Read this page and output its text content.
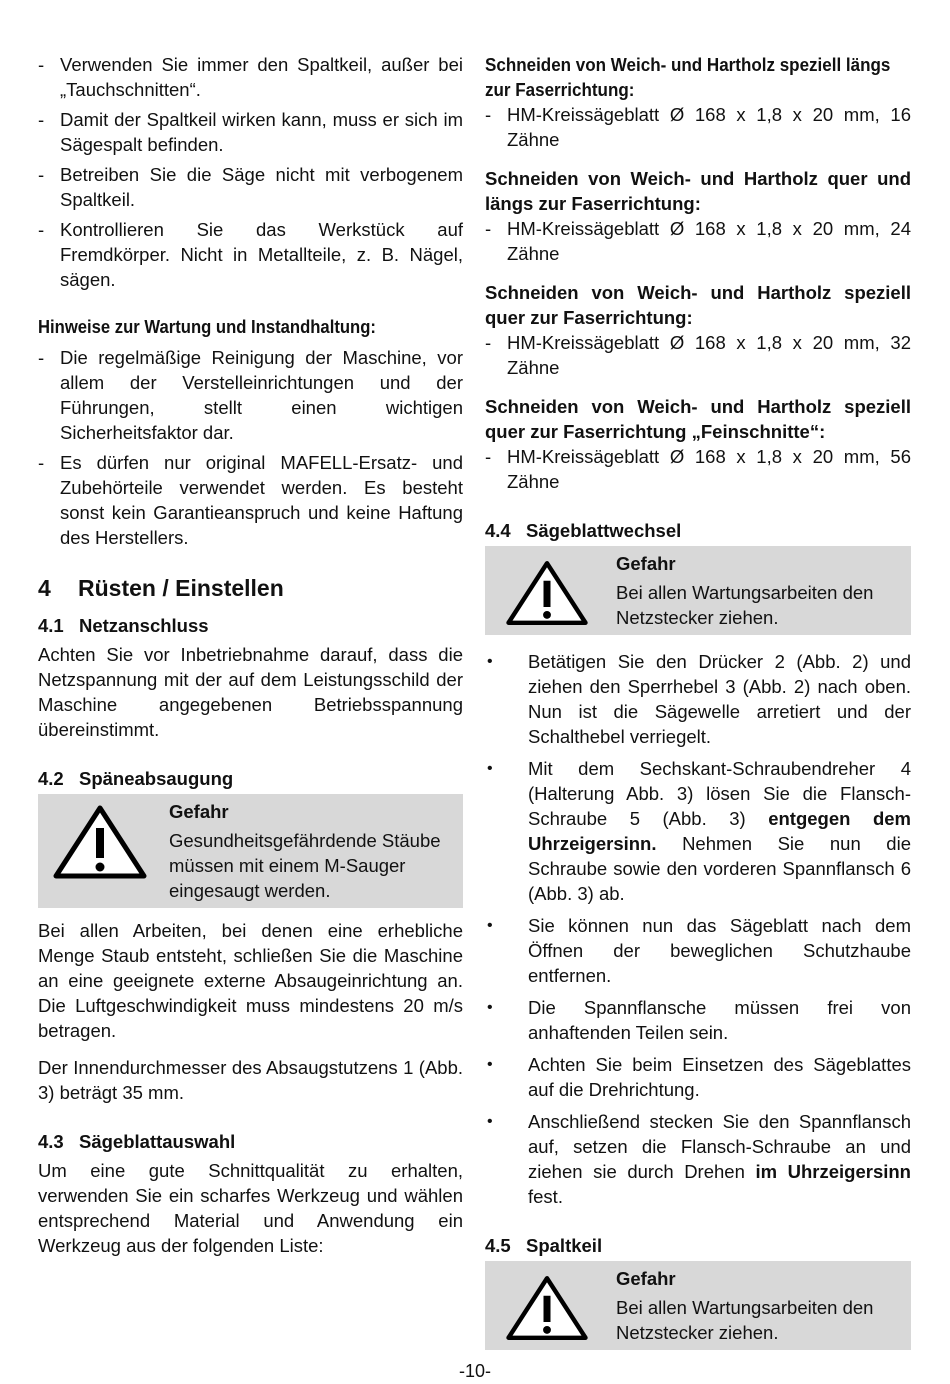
- Verwenden Sie immer den Spaltkeil, außer bei „Tauchschnitten“.
- Damit der Spaltkeil wirken kann, muss er sich im Sägespalt befinden.
- Betreiben Sie die Säge nicht mit verbogenem Spaltkeil.
- Kontrollieren Sie das Werkstück auf Fremdkörper. Nicht in Metallteile, z. B. Nägel, sägen.
Hinweise zur Wartung und Instandhaltung:
- Die regelmäßige Reinigung der Maschine, vor allem der Verstelleinrichtungen und der Führungen, stellt einen wichtigen Sicherheitsfaktor dar.
- Es dürfen nur original MAFELL-Ersatz- und Zubehörteile verwendet werden. Es besteht sonst kein Garantieanspruch und keine Haftung des Herstellers.
4 Rüsten / Einstellen
4.1 Netzanschluss

Achten Sie vor Inbetriebnahme darauf, dass die Netzspannung mit der auf dem Leistungsschild der Maschine angegebenen Betriebsspannung übereinstimmt.

4.2 Späneabsaugung
Gefahr
Gesundheitsgefährdende Stäube müssen mit einem M-Sauger eingesaugt werden.

Bei allen Arbeiten, bei denen eine erhebliche Menge Staub entsteht, schließen Sie die Maschine an eine geeignete externe Absaugeinrichtung an. Die Luftgeschwindigkeit muss mindestens 20 m/s betragen.

Der Innendurchmesser des Absaugstutzens 1 (Abb. 3) beträgt 35 mm.

4.3 Sägeblattauswahl

Um eine gute Schnittqualität zu erhalten, verwenden Sie ein scharfes Werkzeug und wählen entsprechend Material und Anwendung ein Werkzeug aus der folgenden Liste:

Schneiden von Weich- und Hartholz speziell längs zur Faserrichtung:
- HM-Kreissägeblatt Ø 168 x 1,8 x 20 mm, 16 Zähne
Schneiden von Weich- und Hartholz quer und längs zur Faserrichtung:
- HM-Kreissägeblatt Ø 168 x 1,8 x 20 mm, 24 Zähne
Schneiden von Weich- und Hartholz speziell quer zur Faserrichtung:
- HM-Kreissägeblatt Ø 168 x 1,8 x 20 mm, 32 Zähne
Schneiden von Weich- und Hartholz speziell quer zur Faserrichtung „Feinschnitte“:
- HM-Kreissägeblatt Ø 168 x 1,8 x 20 mm, 56 Zähne
4.4 Sägeblattwechsel
Gefahr
Bei allen Wartungsarbeiten den Netzstecker ziehen.
• Betätigen Sie den Drücker 2 (Abb. 2) und ziehen den Sperrhebel 3 (Abb. 2) nach oben. Nun ist die Sägewelle arretiert und der Schalthebel verriegelt.
• Mit dem Sechskant-Schraubendreher 4 (Halterung Abb. 3) lösen Sie die Flansch-Schraube 5 (Abb. 3) entgegen dem Uhrzeigersinn. Nehmen Sie nun die Schraube sowie den vorderen Spannflansch 6 (Abb. 3) ab.
• Sie können nun das Sägeblatt nach dem Öffnen der beweglichen Schutzhaube entfernen.
• Die Spannflansche müssen frei von anhaftenden Teilen sein.
• Achten Sie beim Einsetzen des Sägeblattes auf die Drehrichtung.
• Anschließend stecken Sie den Spannflansch auf, setzen die Flansch-Schraube an und ziehen sie durch Drehen im Uhrzeigersinn fest.
4.5 Spaltkeil
Gefahr
Bei allen Wartungsarbeiten den Netzstecker ziehen.
-10-
